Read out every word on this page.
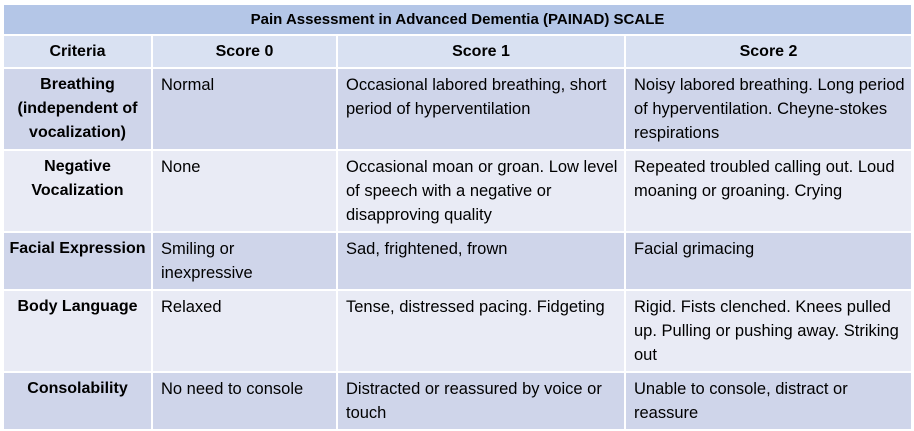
Pain Assessment in Advanced Dementia (PAINAD) SCALE			
Criteria	Score 0	Score 1	Score 2
Breathing (independent of vocalization)	Normal	Occasional labored breathing, short period of hyperventilation	Noisy labored breathing. Long period of hyperventilation. Cheyne-stokes respirations
Negative Vocalization	None	Occasional moan or groan. Low level of speech with a negative or disapproving quality	Repeated troubled calling out. Loud moaning or groaning. Crying
Facial Expression	Smiling or inexpressive	Sad, frightened, frown	Facial grimacing
Body Language	Relaxed	Tense, distressed pacing. Fidgeting	Rigid. Fists clenched. Knees pulled up. Pulling or pushing away. Striking out
Consolability	No need to console	Distracted or reassured by voice or touch	Unable to console, distract or reassure
